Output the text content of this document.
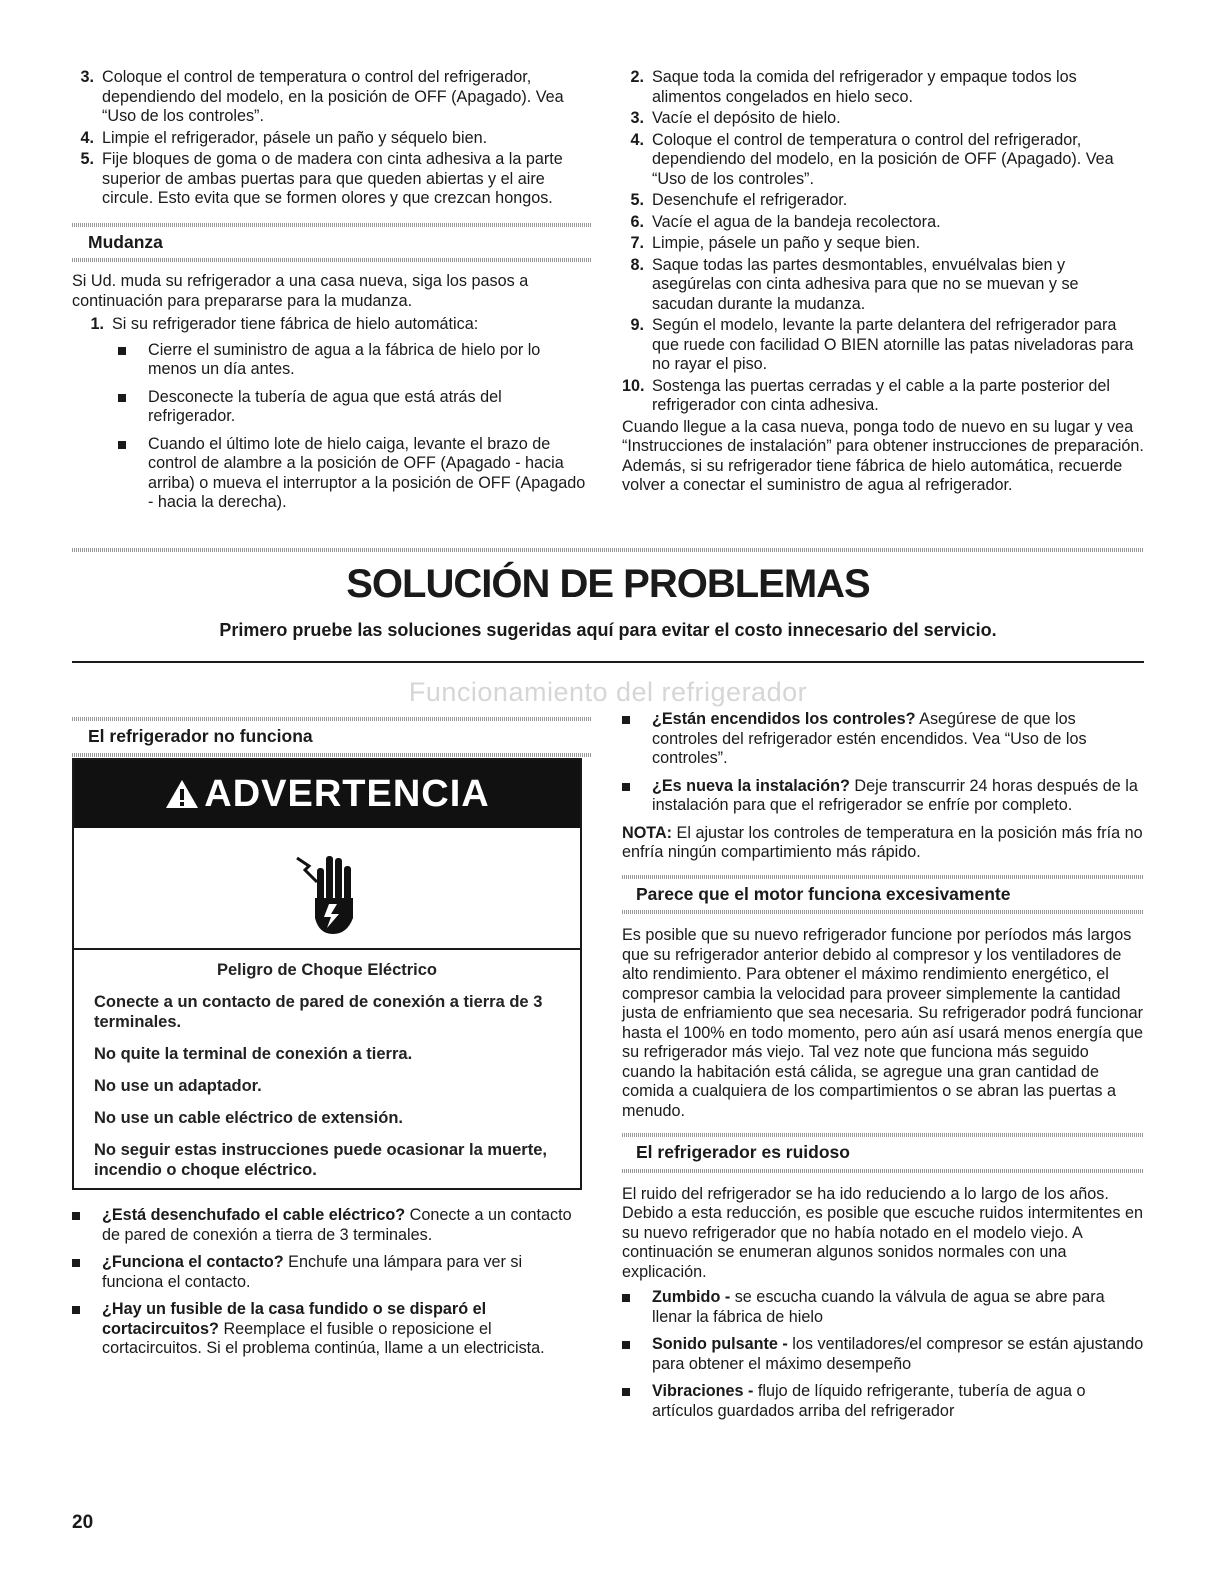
3. Coloque el control de temperatura o control del refrigerador, dependiendo del modelo, en la posición de OFF (Apagado). Vea “Uso de los controles”.
4. Limpie el refrigerador, pásele un paño y séquelo bien.
5. Fije bloques de goma o de madera con cinta adhesiva a la parte superior de ambas puertas para que queden abiertas y el aire circule. Esto evita que se formen olores y que crezcan hongos.
Mudanza

Si Ud. muda su refrigerador a una casa nueva, siga los pasos a continuación para prepararse para la mudanza.

1. Si su refrigerador tiene fábrica de hielo automática:
Cierre el suministro de agua a la fábrica de hielo por lo menos un día antes.
Desconecte la tubería de agua que está atrás del refrigerador.
Cuando el último lote de hielo caiga, levante el brazo de control de alambre a la posición de OFF (Apagado - hacia arriba) o mueva el interruptor a la posición de OFF (Apagado - hacia la derecha).
2. Saque toda la comida del refrigerador y empaque todos los alimentos congelados en hielo seco.
3. Vacíe el depósito de hielo.
4. Coloque el control de temperatura o control del refrigerador, dependiendo del modelo, en la posición de OFF (Apagado). Vea “Uso de los controles”.
5. Desenchufe el refrigerador.
6. Vacíe el agua de la bandeja recolectora.
7. Limpie, pásele un paño y seque bien.
8. Saque todas las partes desmontables, envuélvalas bien y asegúrelas con cinta adhesiva para que no se muevan y se sacudan durante la mudanza.
9. Según el modelo, levante la parte delantera del refrigerador para que ruede con facilidad O BIEN atornille las patas niveladoras para no rayar el piso.
10. Sostenga las puertas cerradas y el cable a la parte posterior del refrigerador con cinta adhesiva.

Cuando llegue a la casa nueva, ponga todo de nuevo en su lugar y vea “Instrucciones de instalación” para obtener instrucciones de preparación. Además, si su refrigerador tiene fábrica de hielo automática, recuerde volver a conectar el suministro de agua al refrigerador.

SOLUCIÓN DE PROBLEMAS
Primero pruebe las soluciones sugeridas aquí para evitar el costo innecesario del servicio.
Funcionamiento del refrigerador
El refrigerador no funciona
ADVERTENCIA

Peligro de Choque Eléctrico

Conecte a un contacto de pared de conexión a tierra de 3 terminales.

No quite la terminal de conexión a tierra.

No use un adaptador.

No use un cable eléctrico de extensión.

No seguir estas instrucciones puede ocasionar la muerte, incendio o choque eléctrico.

¿Está desenchufado el cable eléctrico? Conecte a un contacto de pared de conexión a tierra de 3 terminales.
¿Funciona el contacto? Enchufe una lámpara para ver si funciona el contacto.
¿Hay un fusible de la casa fundido o se disparó el cortacircuitos? Reemplace el fusible o reposicione el cortacircuitos. Si el problema continúa, llame a un electricista.
¿Están encendidos los controles? Asegúrese de que los controles del refrigerador estén encendidos. Vea “Uso de los controles”.
¿Es nueva la instalación? Deje transcurrir 24 horas después de la instalación para que el refrigerador se enfríe por completo.

NOTA: El ajustar los controles de temperatura en la posición más fría no enfría ningún compartimiento más rápido.

Parece que el motor funciona excesivamente

Es posible que su nuevo refrigerador funcione por períodos más largos que su refrigerador anterior debido al compresor y los ventiladores de alto rendimiento. Para obtener el máximo rendimiento energético, el compresor cambia la velocidad para proveer simplemente la cantidad justa de enfriamiento que sea necesaria. Su refrigerador podrá funcionar hasta el 100% en todo momento, pero aún así usará menos energía que su refrigerador más viejo. Tal vez note que funciona más seguido cuando la habitación está cálida, se agregue una gran cantidad de comida a cualquiera de los compartimientos o se abran las puertas a menudo.

El refrigerador es ruidoso

El ruido del refrigerador se ha ido reduciendo a lo largo de los años. Debido a esta reducción, es posible que escuche ruidos intermitentes en su nuevo refrigerador que no había notado en el modelo viejo. A continuación se enumeran algunos sonidos normales con una explicación.

Zumbido - se escucha cuando la válvula de agua se abre para llenar la fábrica de hielo
Sonido pulsante - los ventiladores/el compresor se están ajustando para obtener el máximo desempeño
Vibraciones - flujo de líquido refrigerante, tubería de agua o artículos guardados arriba del refrigerador
20
